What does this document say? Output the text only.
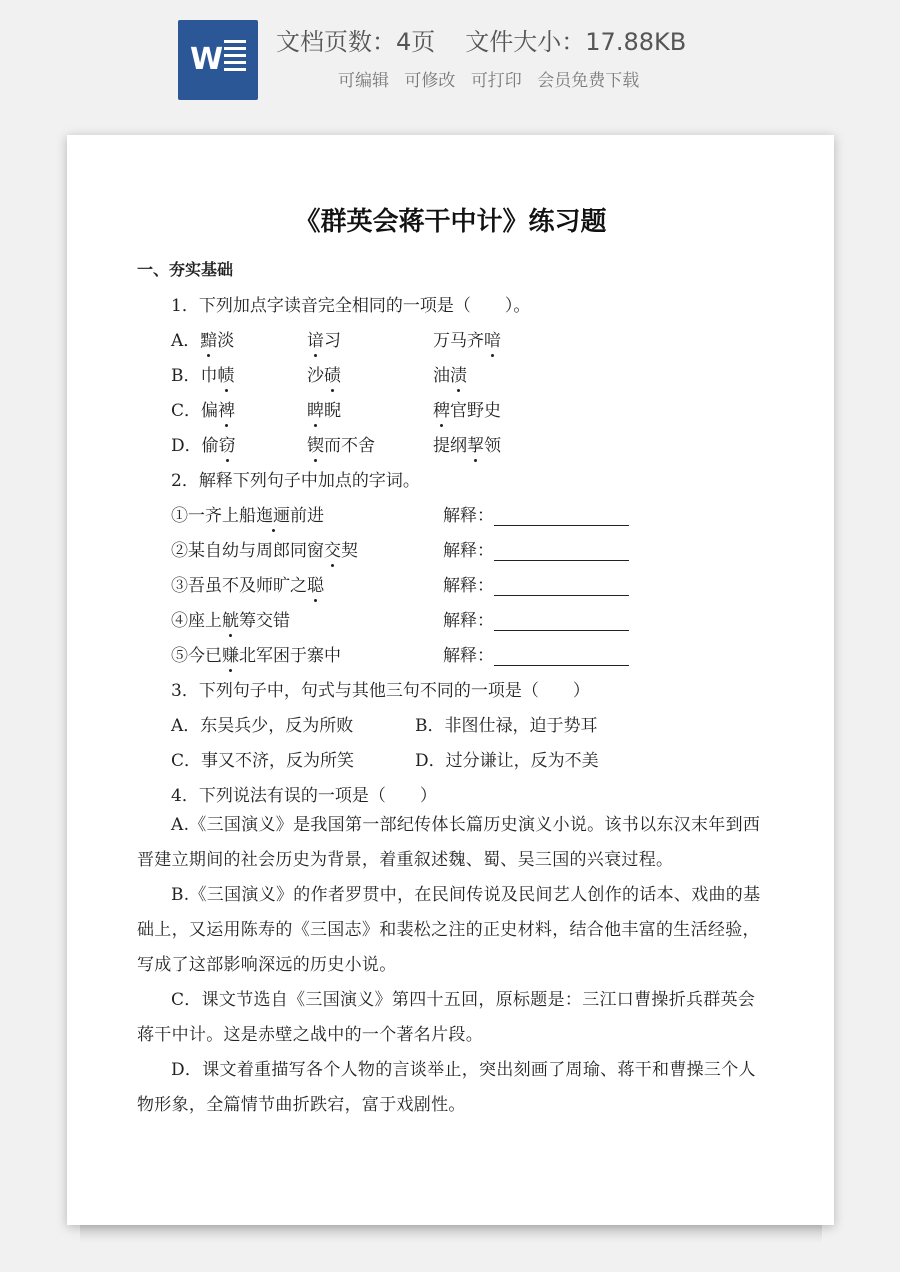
W 文档页数：4页 文件大小：17.88KB
可编辑 可修改 可打印 会员免费下载
《群英会蒋干中计》练习题
一、夯实基础
1．下列加点字读音完全相同的一项是（　　）。
A．黯淡	谙习	万马齐喑
B．巾帻	沙碛	油渍
C．偏裨	睥睨	稗官野史
D．偷窃	锲而不舍	提纲挈领
2．解释下列句子中加点的字词。
①一齐上船迤逦前进	解释：
②某自幼与周郎同窗交契	解释：
③吾虽不及师旷之聪	解释：
④座上觥筹交错	解释：
⑤今已赚北军困于寨中	解释：
3．下列句子中，句式与其他三句不同的一项是（　　）
A．东吴兵少，反为所败	B．非图仕禄，迫于势耳
C．事又不济，反为所笑	D．过分谦让，反为不美
4．下列说法有误的一项是（　　）
A.《三国演义》是我国第一部纪传体长篇历史演义小说。该书以东汉末年到西晋建立期间的社会历史为背景，着重叙述魏、蜀、吴三国的兴衰过程。
B.《三国演义》的作者罗贯中，在民间传说及民间艺人创作的话本、戏曲的基础上，又运用陈寿的《三国志》和裴松之注的正史材料，结合他丰富的生活经验，写成了这部影响深远的历史小说。
C．课文节选自《三国演义》第四十五回，原标题是：三江口曹操折兵群英会蒋干中计。这是赤壁之战中的一个著名片段。
D．课文着重描写各个人物的言谈举止，突出刻画了周瑜、蒋干和曹操三个人物形象，全篇情节曲折跌宕，富于戏剧性。
